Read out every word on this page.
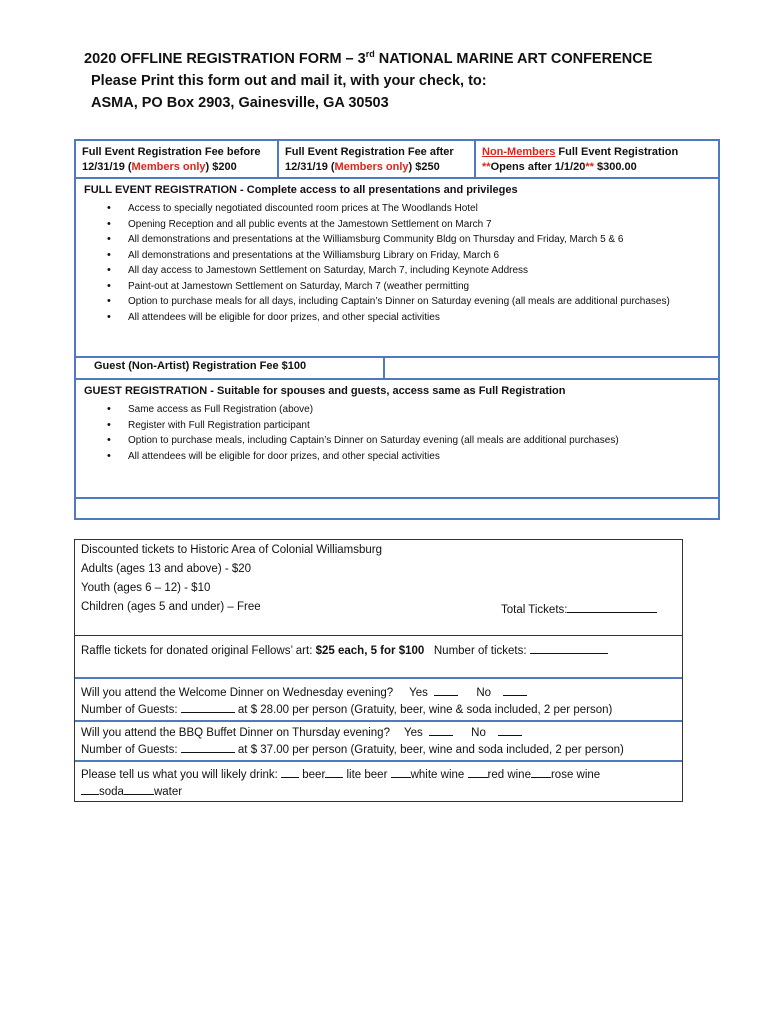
2020 OFFLINE REGISTRATION FORM – 3rd NATIONAL MARINE ART CONFERENCE
Please Print this form out and mail it, with your check, to:
ASMA, PO Box 2903, Gainesville, GA 30503
Full Event Registration Fee before
12/31/19 (Members only) $200
Full Event Registration Fee after
12/31/19 (Members only) $250
Non-Members Full Event Registration
**Opens after 1/1/20** $300.00
FULL EVENT REGISTRATION - Complete access to all presentations and privileges
• Access to specially negotiated discounted room prices at The Woodlands Hotel
• Opening Reception and all public events at the Jamestown Settlement on March 7
• All demonstrations and presentations at the Williamsburg Community Bldg on Thursday and Friday, March 5 & 6
• All demonstrations and presentations at the Williamsburg Library on Friday, March 6
• All day access to Jamestown Settlement on Saturday, March 7, including Keynote Address
• Paint-out at Jamestown Settlement on Saturday, March 7 (weather permitting
• Option to purchase meals for all days, including Captain’s Dinner on Saturday evening (all meals are additional purchases)
• All attendees will be eligible for door prizes, and other special activities
Guest (Non-Artist) Registration Fee $100
GUEST REGISTRATION - Suitable for spouses and guests, access same as Full Registration
• Same access as Full Registration (above)
• Register with Full Registration participant
• Option to purchase meals, including Captain’s Dinner on Saturday evening (all meals are additional purchases)
• All attendees will be eligible for door prizes, and other special activities
Discounted tickets to Historic Area of Colonial Williamsburg
Adults (ages 13 and above) - $20
Youth (ages 6 – 12) - $10
Children (ages 5 and under) – Free	Total Tickets:
Raffle tickets for donated original Fellows’ art: $25 each, 5 for $100 Number of tickets:
Will you attend the Welcome Dinner on Wednesday evening? Yes	No
Number of Guests:	at $ 28.00 per person (Gratuity, beer, wine & soda included, 2 per person)
Will you attend the BBQ Buffet Dinner on Thursday evening? Yes	No
Number of Guests:	at $ 37.00 per person (Gratuity, beer, wine and soda included, 2 per person)
Please tell us what you will likely drink:  beer lite beer white wine red wine rose wine
soda	water
